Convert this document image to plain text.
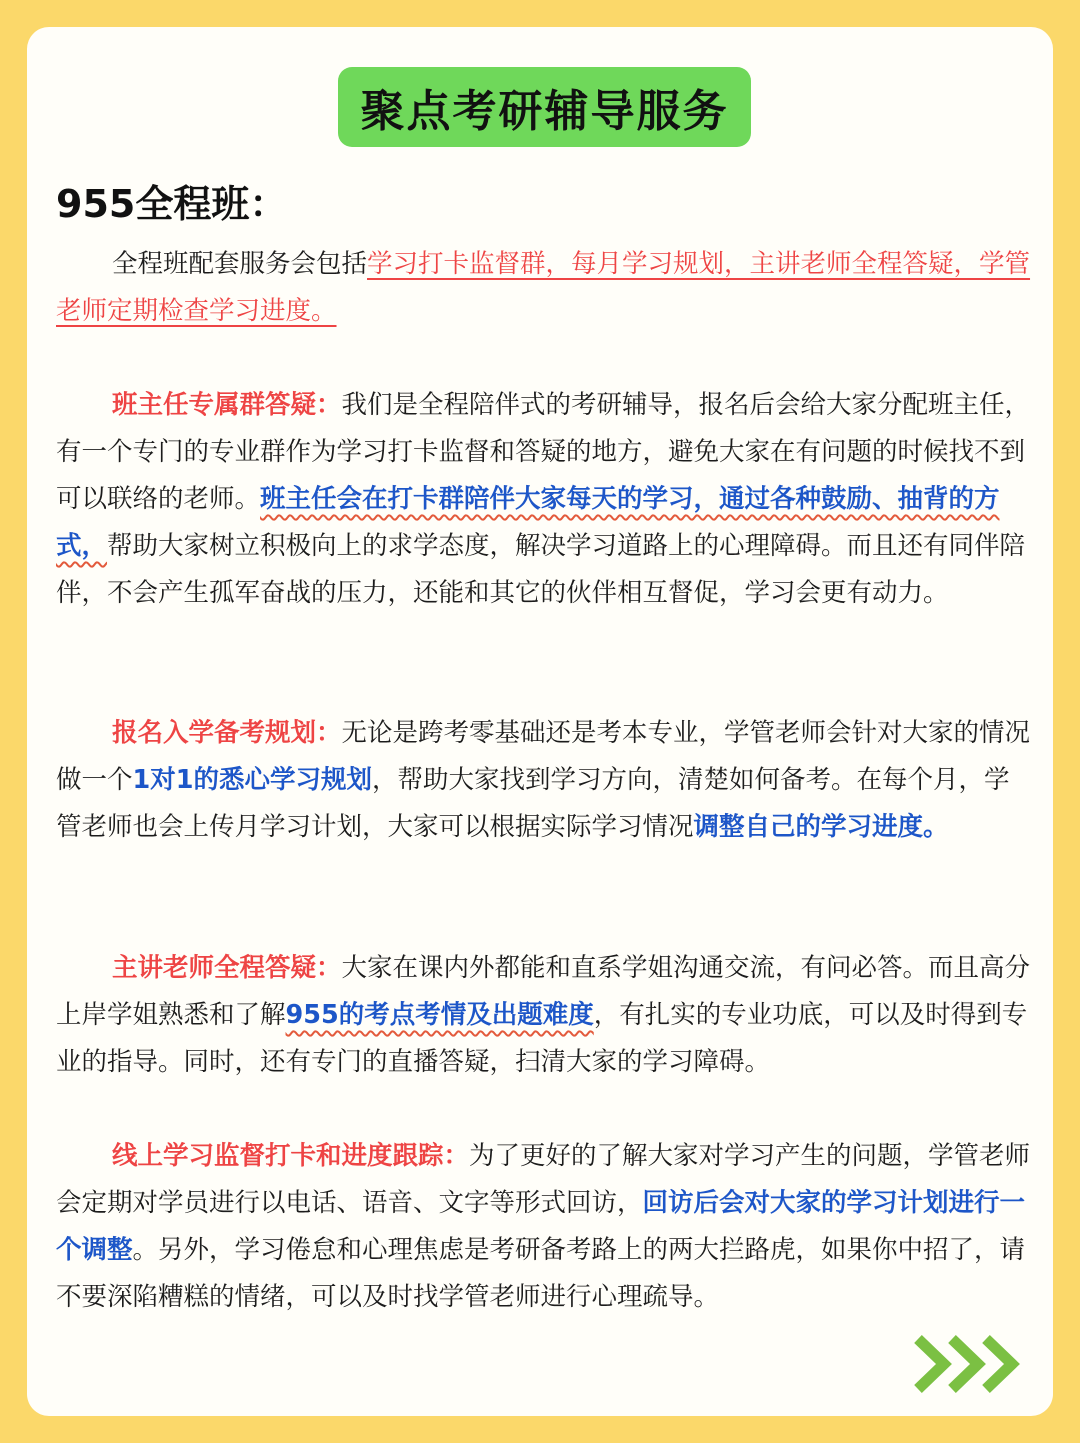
聚点考研辅导服务
955全程班：

全程班配套服务会包括学习打卡监督群，每月学习规划，主讲老师全程答疑，学管老师定期检查学习进度。

班主任专属群答疑：我们是全程陪伴式的考研辅导，报名后会给大家分配班主任，有一个专门的专业群作为学习打卡监督和答疑的地方，避免大家在有问题的时候找不到可以联络的老师。班主任会在打卡群陪伴大家每天的学习，通过各种鼓励、抽背的方式，帮助大家树立积极向上的求学态度，解决学习道路上的心理障碍。而且还有同伴陪伴，不会产生孤军奋战的压力，还能和其它的伙伴相互督促，学习会更有动力。

报名入学备考规划：无论是跨考零基础还是考本专业，学管老师会针对大家的情况做一个1对1的悉心学习规划，帮助大家找到学习方向，清楚如何备考。在每个月，学管老师也会上传月学习计划，大家可以根据实际学习情况调整自己的学习进度。

主讲老师全程答疑：大家在课内外都能和直系学姐沟通交流，有问必答。而且高分上岸学姐熟悉和了解955的考点考情及出题难度，有扎实的专业功底，可以及时得到专业的指导。同时，还有专门的直播答疑，扫清大家的学习障碍。

线上学习监督打卡和进度跟踪：为了更好的了解大家对学习产生的问题，学管老师会定期对学员进行以电话、语音、文字等形式回访，回访后会对大家的学习计划进行一个调整。另外，学习倦怠和心理焦虑是考研备考路上的两大拦路虎，如果你中招了，请不要深陷糟糕的情绪，可以及时找学管老师进行心理疏导。
